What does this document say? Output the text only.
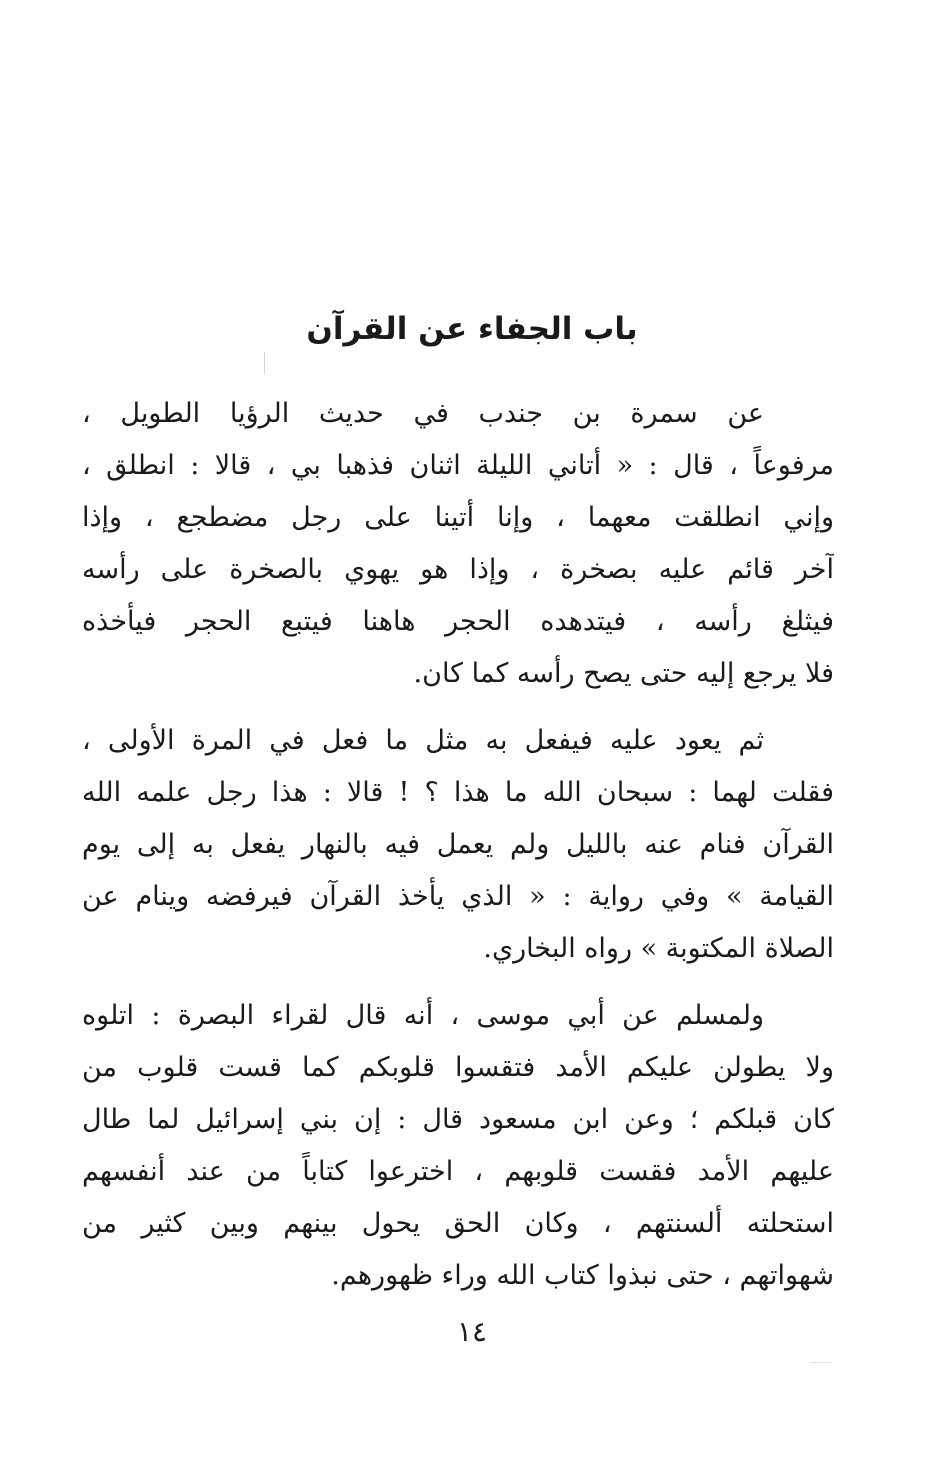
باب الجفاء عن القرآن

عن سمرة بن جندب في حديث الرؤيا الطويل ،
مرفوعاً ، قال : « أتاني الليلة اثنان فذهبا بي ، قالا : انطلق ،
وإني انطلقت معهما ، وإنا أتينا على رجل مضطجع ، وإذا
آخر قائم عليه بصخرة ، وإذا هو يهوي بالصخرة على رأسه
فيثلغ رأسه ، فيتدهده الحجر هاهنا فيتبع الحجر فيأخذه
فلا يرجع إليه حتى يصح رأسه كما كان.

ثم يعود عليه فيفعل به مثل ما فعل في المرة الأولى ،
فقلت لهما : سبحان الله ما هذا ؟ ! قالا : هذا رجل علمه الله
القرآن فنام عنه بالليل ولم يعمل فيه بالنهار يفعل به إلى يوم
القيامة » وفي رواية : « الذي يأخذ القرآن فيرفضه وينام عن
الصلاة المكتوبة » رواه البخاري.

ولمسلم عن أبي موسى ، أنه قال لقراء البصرة : اتلوه
ولا يطولن عليكم الأمد فتقسوا قلوبكم كما قست قلوب من
كان قبلكم ؛ وعن ابن مسعود قال : إن بني إسرائيل لما طال
عليهم الأمد فقست قلوبهم ، اخترعوا كتاباً من عند أنفسهم
استحلته ألسنتهم ، وكان الحق يحول بينهم وبين كثير من
شهواتهم ، حتى نبذوا كتاب الله وراء ظهورهم.

١٤
